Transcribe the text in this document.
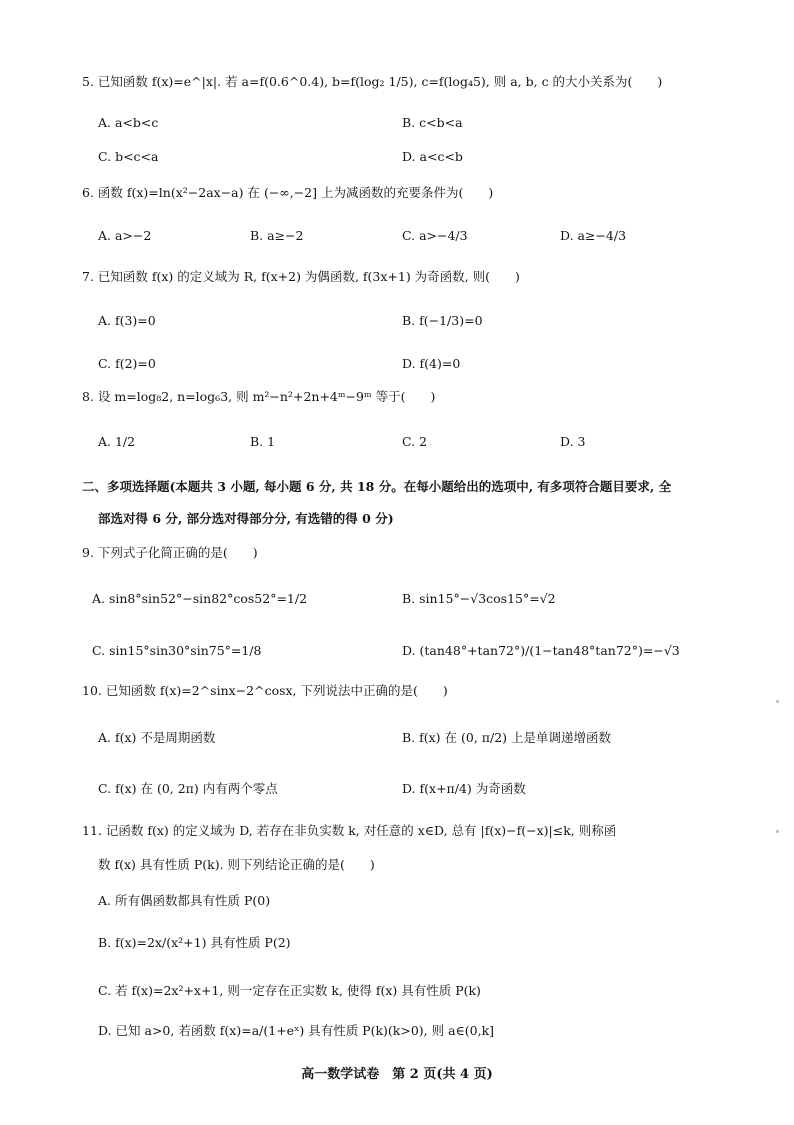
5. 已知函数 f(x)=e^|x|. 若 a=f(0.6^0.4), b=f(log₂ 1/5), c=f(log₄5), 则 a, b, c 的大小关系为(　　)
A. a<b<c	B. c<b<a
C. b<c<a	D. a<c<b
6. 函数 f(x)=ln(x²−2ax−a) 在 (−∞,−2] 上为减函数的充要条件为(　　)
A. a>−2	B. a≥−2	C. a>−4/3	D. a≥−4/3
7. 已知函数 f(x) 的定义域为 R, f(x+2) 为偶函数, f(3x+1) 为奇函数, 则(　　)
A. f(3)=0	B. f(−1/3)=0
C. f(2)=0	D. f(4)=0
8. 设 m=log₈2, n=log₆3, 则 m²−n²+2n+4ᵐ−9ᵐ 等于(　　)
A. 1/2	B. 1	C. 2	D. 3
二、多项选择题(本题共 3 小题, 每小题 6 分, 共 18 分。在每小题给出的选项中, 有多项符合题目要求, 全
部选对得 6 分, 部分选对得部分分, 有选错的得 0 分)
9. 下列式子化简正确的是(　　)
A. sin8°sin52°−sin82°cos52°=1/2	B. sin15°−√3cos15°=√2
C. sin15°sin30°sin75°=1/8	D. (tan48°+tan72°)/(1−tan48°tan72°)=−√3
10. 已知函数 f(x)=2^sinx−2^cosx, 下列说法中正确的是(　　)
A. f(x) 不是周期函数	B. f(x) 在 (0, π/2) 上是单调递增函数
C. f(x) 在 (0, 2π) 内有两个零点	D. f(x+π/4) 为奇函数
11. 记函数 f(x) 的定义域为 D, 若存在非负实数 k, 对任意的 x∈D, 总有 |f(x)−f(−x)|≤k, 则称函
数 f(x) 具有性质 P(k). 则下列结论正确的是(　　)
A. 所有偶函数都具有性质 P(0)
B. f(x)=2x/(x²+1) 具有性质 P(2)
C. 若 f(x)=2x²+x+1, 则一定存在正实数 k, 使得 f(x) 具有性质 P(k)
D. 已知 a>0, 若函数 f(x)=a/(1+eˣ) 具有性质 P(k)(k>0), 则 a∈(0,k]
高一数学试卷　第 2 页(共 4 页)
